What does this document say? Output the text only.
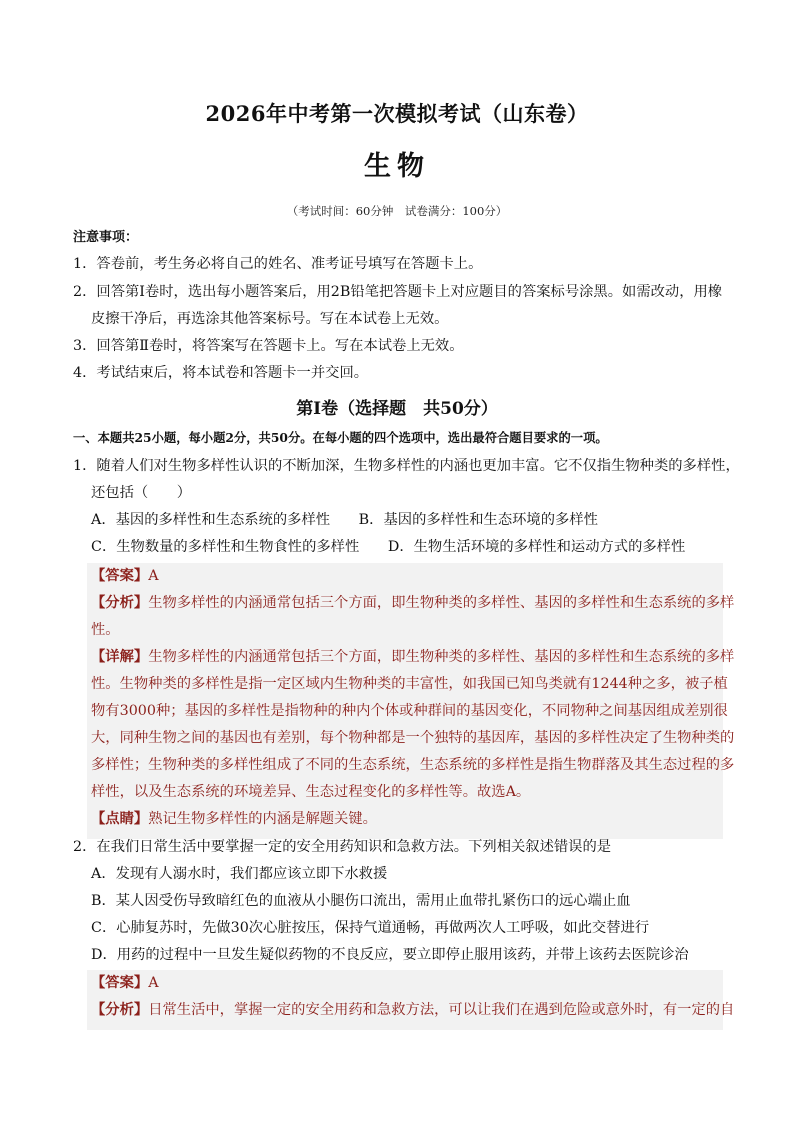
2026年中考第一次模拟考试（山东卷）
生物
（考试时间：60分钟　试卷满分：100分）
注意事项：
1．答卷前，考生务必将自己的姓名、准考证号填写在答题卡上。
2．回答第Ⅰ卷时，选出每小题答案后，用2B铅笔把答题卡上对应题目的答案标号涂黑。如需改动，用橡
皮擦干净后，再选涂其他答案标号。写在本试卷上无效。
3．回答第Ⅱ卷时，将答案写在答题卡上。写在本试卷上无效。
4．考试结束后，将本试卷和答题卡一并交回。
第Ⅰ卷（选择题　共50分）
一、本题共25小题，每小题2分，共50分。在每小题的四个选项中，选出最符合题目要求的一项。
1．随着人们对生物多样性认识的不断加深，生物多样性的内涵也更加丰富。它不仅指生物种类的多样性，
还包括（　　）
A．基因的多样性和生态系统的多样性　　B．基因的多样性和生态环境的多样性
C．生物数量的多样性和生物食性的多样性　　D．生物生活环境的多样性和运动方式的多样性
【答案】A
【分析】生物多样性的内涵通常包括三个方面，即生物种类的多样性、基因的多样性和生态系统的多样
性。
【详解】生物多样性的内涵通常包括三个方面，即生物种类的多样性、基因的多样性和生态系统的多样
性。生物种类的多样性是指一定区域内生物种类的丰富性，如我国已知鸟类就有1244种之多，被子植
物有3000种；基因的多样性是指物种的种内个体或种群间的基因变化，不同物种之间基因组成差别很
大，同种生物之间的基因也有差别，每个物种都是一个独特的基因库，基因的多样性决定了生物种类的
多样性；生物种类的多样性组成了不同的生态系统，生态系统的多样性是指生物群落及其生态过程的多
样性，以及生态系统的环境差异、生态过程变化的多样性等。故选A。
【点睛】熟记生物多样性的内涵是解题关键。
2．在我们日常生活中要掌握一定的安全用药知识和急救方法。下列相关叙述错误的是
A．发现有人溺水时，我们都应该立即下水救援
B．某人因受伤导致暗红色的血液从小腿伤口流出，需用止血带扎紧伤口的远心端止血
C．心肺复苏时，先做30次心脏按压，保持气道通畅，再做两次人工呼吸，如此交替进行
D．用药的过程中一旦发生疑似药物的不良反应，要立即停止服用该药，并带上该药去医院诊治
【答案】A
【分析】日常生活中，掌握一定的安全用药和急救方法，可以让我们在遇到危险或意外时，有一定的自
